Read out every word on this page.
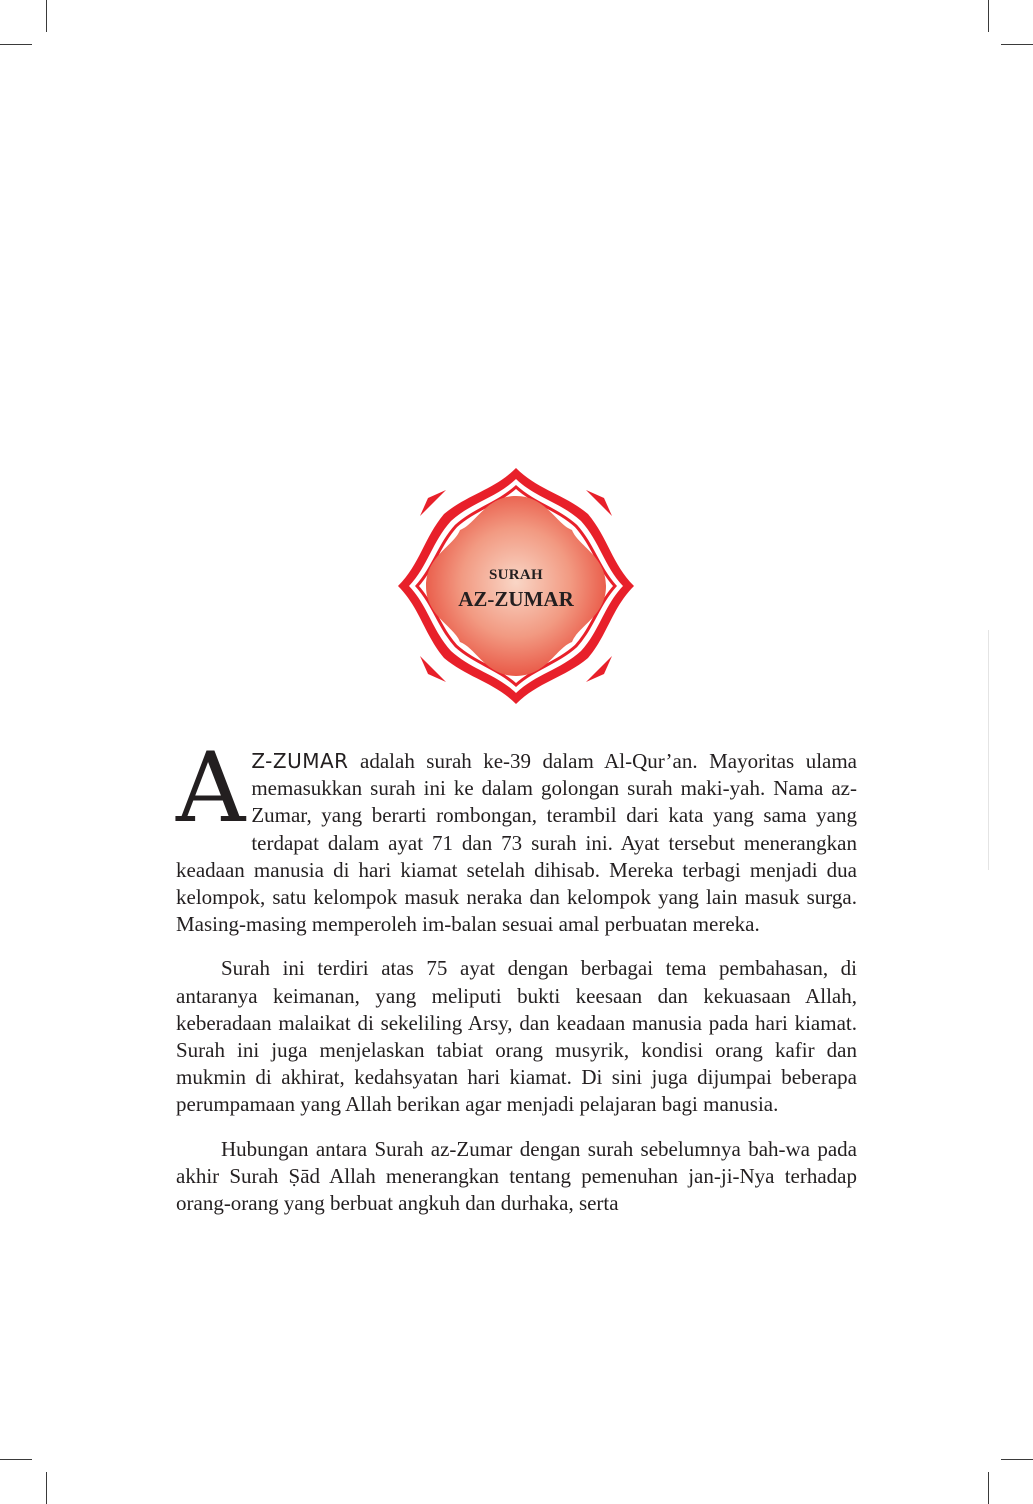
SURAH
AZ-ZUMAR

A Z-ZUMAR adalah surah ke-39 dalam Al-Qur’an. Mayoritas ulama memasukkan surah ini ke dalam golongan surah maki-yah. Nama az-Zumar, yang berarti rombongan, terambil dari kata yang sama yang terdapat dalam ayat 71 dan 73 surah ini. Ayat tersebut menerangkan keadaan manusia di hari kiamat setelah dihisab. Mereka terbagi menjadi dua kelompok, satu kelompok masuk neraka dan kelompok yang lain masuk surga. Masing-masing memperoleh im-balan sesuai amal perbuatan mereka.

Surah ini terdiri atas 75 ayat dengan berbagai tema pembahasan, di antaranya keimanan, yang meliputi bukti keesaan dan kekuasaan Allah, keberadaan malaikat di sekeliling Arsy, dan keadaan manusia pada hari kiamat. Surah ini juga menjelaskan tabiat orang musyrik, kondisi orang kafir dan mukmin di akhirat, kedahsyatan hari kiamat. Di sini juga dijumpai beberapa perumpamaan yang Allah berikan agar menjadi pelajaran bagi manusia.

Hubungan antara Surah az-Zumar dengan surah sebelumnya bah-wa pada akhir Surah Ṣād Allah menerangkan tentang pemenuhan jan-ji-Nya terhadap orang-orang yang berbuat angkuh dan durhaka, serta
